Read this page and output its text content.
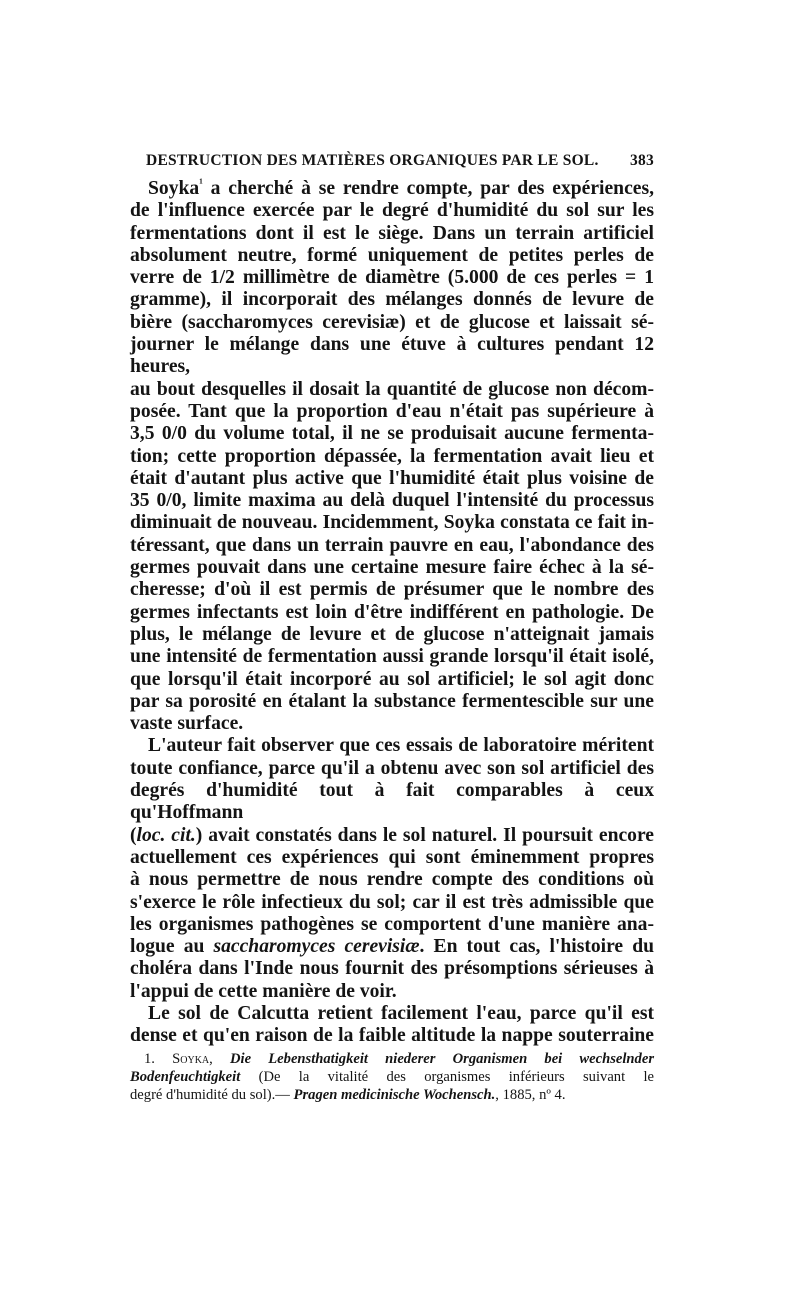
DESTRUCTION DES MATIÈRES ORGANIQUES PAR LE SOL. 383

Soyka$^{^1}$ a cherché à se rendre compte, par des expériences,
de l'influence exercée par le degré d'humidité du sol sur les
fermentations dont il est le siège. Dans un terrain artificiel
absolument neutre, formé uniquement de petites perles de
verre de 1/2 millimètre de diamètre (5.000 de ces perles = 1
gramme), il incorporait des mélanges donnés de levure de
bière (saccharomyces cerevisiæ) et de glucose et laissait sé-
journer le mélange dans une étuve à cultures pendant 12 heures,
au bout desquelles il dosait la quantité de glucose non décom-
posée. Tant que la proportion d'eau n'était pas supérieure à
3,5 0/0 du volume total, il ne se produisait aucune fermenta-
tion; cette proportion dépassée, la fermentation avait lieu et
était d'autant plus active que l'humidité était plus voisine de
35 0/0, limite maxima au delà duquel l'intensité du processus
diminuait de nouveau. Incidemment, Soyka constata ce fait in-
téressant, que dans un terrain pauvre en eau, l'abondance des
germes pouvait dans une certaine mesure faire échec à la sé-
cheresse; d'où il est permis de présumer que le nombre des
germes infectants est loin d'être indifférent en pathologie. De
plus, le mélange de levure et de glucose n'atteignait jamais
une intensité de fermentation aussi grande lorsqu'il était isolé,
que lorsqu'il était incorporé au sol artificiel; le sol agit donc
par sa porosité en étalant la substance fermentescible sur une
vaste surface.

L'auteur fait observer que ces essais de laboratoire méritent
toute confiance, parce qu'il a obtenu avec son sol artificiel des
degrés d'humidité tout à fait comparables à ceux qu'Hoffmann
(loc. cit.) avait constatés dans le sol naturel. Il poursuit encore
actuellement ces expériences qui sont éminemment propres
à nous permettre de nous rendre compte des conditions où
s'exerce le rôle infectieux du sol; car il est très admissible que
les organismes pathogènes se comportent d'une manière ana-
logue au saccharomyces cerevisiæ. En tout cas, l'histoire du
choléra dans l'Inde nous fournit des présomptions sérieuses à
l'appui de cette manière de voir.

Le sol de Calcutta retient facilement l'eau, parce qu'il est
dense et qu'en raison de la faible altitude la nappe souterraine

1. Soyka, Die Lebensthatigkeit niederer Organismen bei wechselnder
Bodenfeuchtigkeit (De la vitalité des organismes inférieurs suivant le
degré d'humidité du sol).— Pragen medicinische Wochensch., 1885, nº 4.
